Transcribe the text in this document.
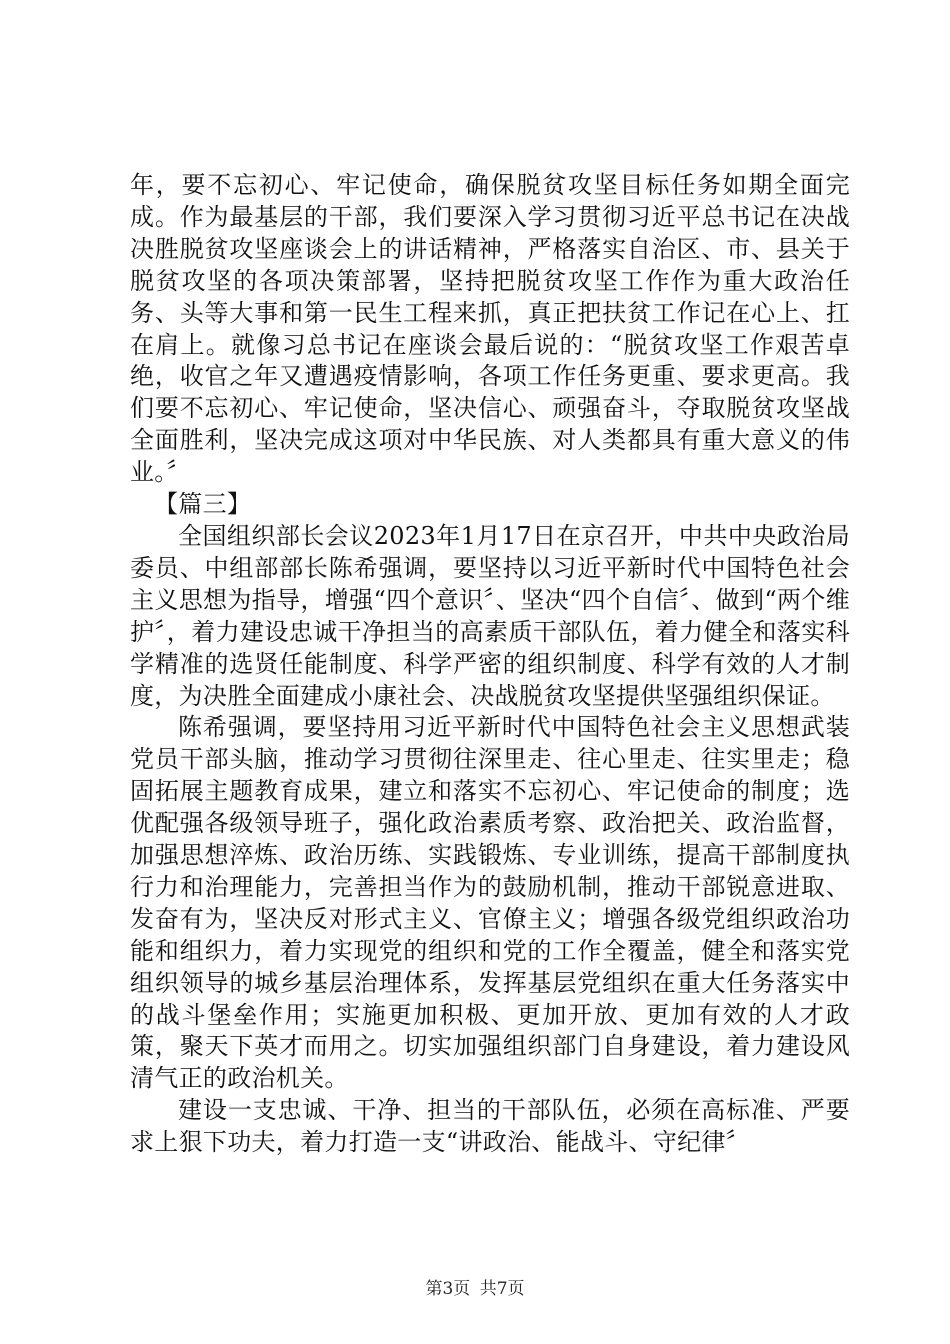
年，要不忘初心、牢记使命，确保脱贫攻坚目标任务如期全面完成。作为最基层的干部，我们要深入学习贯彻习近平总书记在决战决胜脱贫攻坚座谈会上的讲话精神，严格落实自治区、市、县关于脱贫攻坚的各项决策部署，坚持把脱贫攻坚工作作为重大政治任务、头等大事和第一民生工程来抓，真正把扶贫工作记在心上、扛在肩上。就像习总书记在座谈会最后说的：“脱贫攻坚工作艰苦卓绝，收官之年又遭遇疫情影响，各项工作任务更重、要求更高。我们要不忘初心、牢记使命，坚决信心、顽强奋斗，夺取脱贫攻坚战全面胜利，坚决完成这项对中华民族、对人类都具有重大意义的伟业。〞

【篇三】

全国组织部长会议2023年1月17日在京召开，中共中央政治局委员、中组部部长陈希强调，要坚持以习近平新时代中国特色社会主义思想为指导，增强“四个意识〞、坚决“四个自信〞、做到“两个维护〞，着力建设忠诚干净担当的高素质干部队伍，着力健全和落实科学精准的选贤任能制度、科学严密的组织制度、科学有效的人才制度，为决胜全面建成小康社会、决战脱贫攻坚提供坚强组织保证。

陈希强调，要坚持用习近平新时代中国特色社会主义思想武装党员干部头脑，推动学习贯彻往深里走、往心里走、往实里走；稳固拓展主题教育成果，建立和落实不忘初心、牢记使命的制度；选优配强各级领导班子，强化政治素质考察、政治把关、政治监督，加强思想淬炼、政治历练、实践锻炼、专业训练，提高干部制度执行力和治理能力，完善担当作为的鼓励机制，推动干部锐意进取、发奋有为，坚决反对形式主义、官僚主义；增强各级党组织政治功能和组织力，着力实现党的组织和党的工作全覆盖，健全和落实党组织领导的城乡基层治理体系，发挥基层党组织在重大任务落实中的战斗堡垒作用；实施更加积极、更加开放、更加有效的人才政策，聚天下英才而用之。切实加强组织部门自身建设，着力建设风清气正的政治机关。

建设一支忠诚、干净、担当的干部队伍，必须在高标准、严要求上狠下功夫，着力打造一支“讲政治、能战斗、守纪律〞

第3页 共7页
